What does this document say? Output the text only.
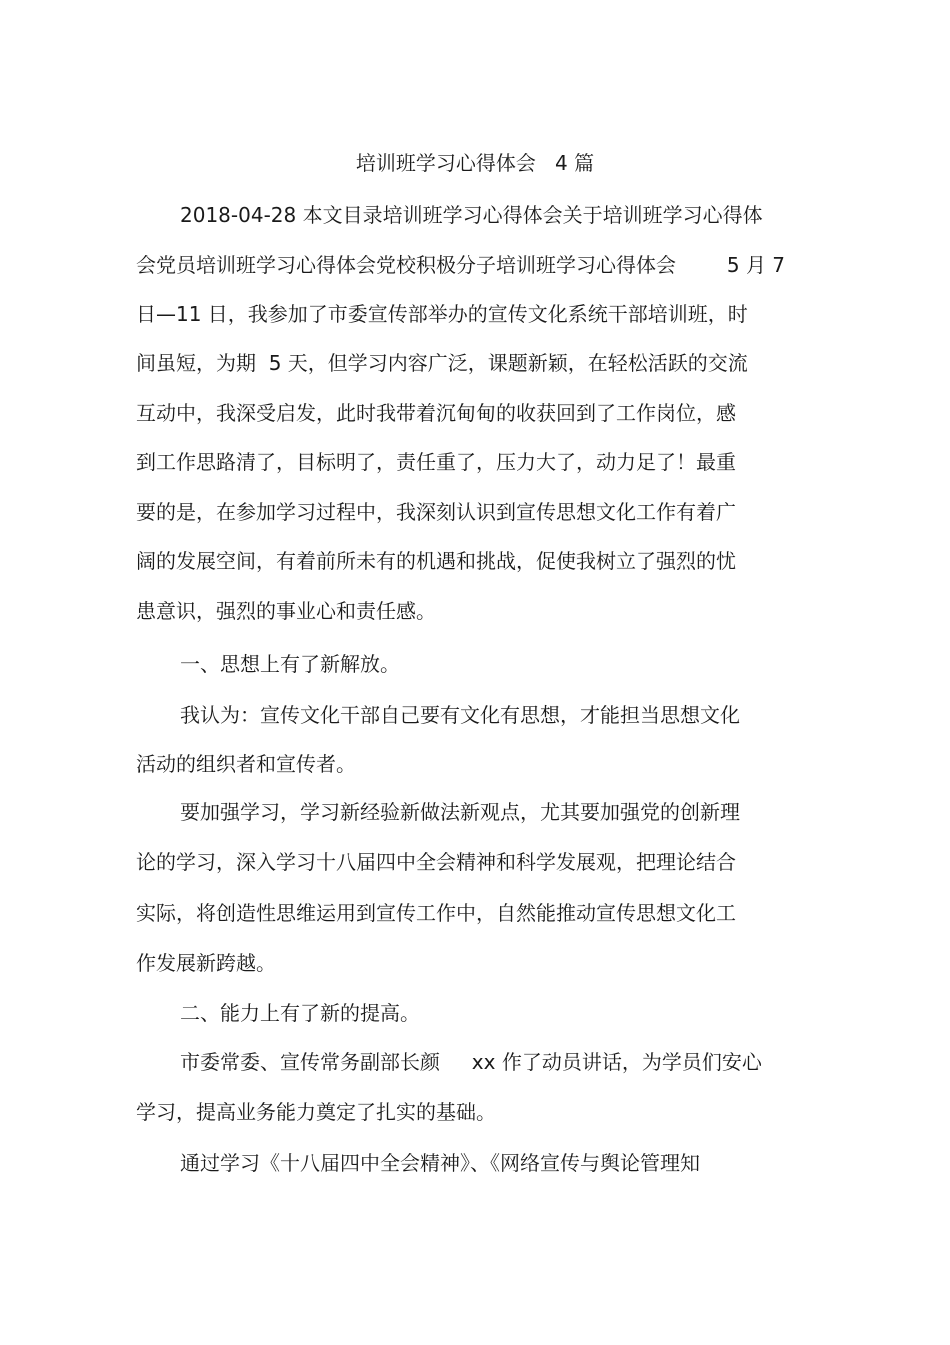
培训班学习心得体会   4 篇
2018-04-28 本文目录培训班学习心得体会关于培训班学习心得体
会党员培训班学习心得体会党校积极分子培训班学习心得体会        5 月 7
日—11 日，我参加了市委宣传部举办的宣传文化系统干部培训班，时
间虽短，为期  5 天，但学习内容广泛，课题新颖，在轻松活跃的交流
互动中，我深受启发，此时我带着沉甸甸的收获回到了工作岗位，感
到工作思路清了，目标明了，责任重了，压力大了，动力足了！最重
要的是，在参加学习过程中，我深刻认识到宣传思想文化工作有着广
阔的发展空间，有着前所未有的机遇和挑战，促使我树立了强烈的忧
患意识，强烈的事业心和责任感。
一、思想上有了新解放。
我认为：宣传文化干部自己要有文化有思想，才能担当思想文化
活动的组织者和宣传者。
要加强学习，学习新经验新做法新观点，尤其要加强党的创新理
论的学习，深入学习十八届四中全会精神和科学发展观，把理论结合
实际，将创造性思维运用到宣传工作中，自然能推动宣传思想文化工
作发展新跨越。
二、能力上有了新的提高。
市委常委、宣传常务副部长颜     xx 作了动员讲话，为学员们安心
学习，提高业务能力奠定了扎实的基础。
通过学习《十八届四中全会精神》、《网络宣传与舆论管理知
